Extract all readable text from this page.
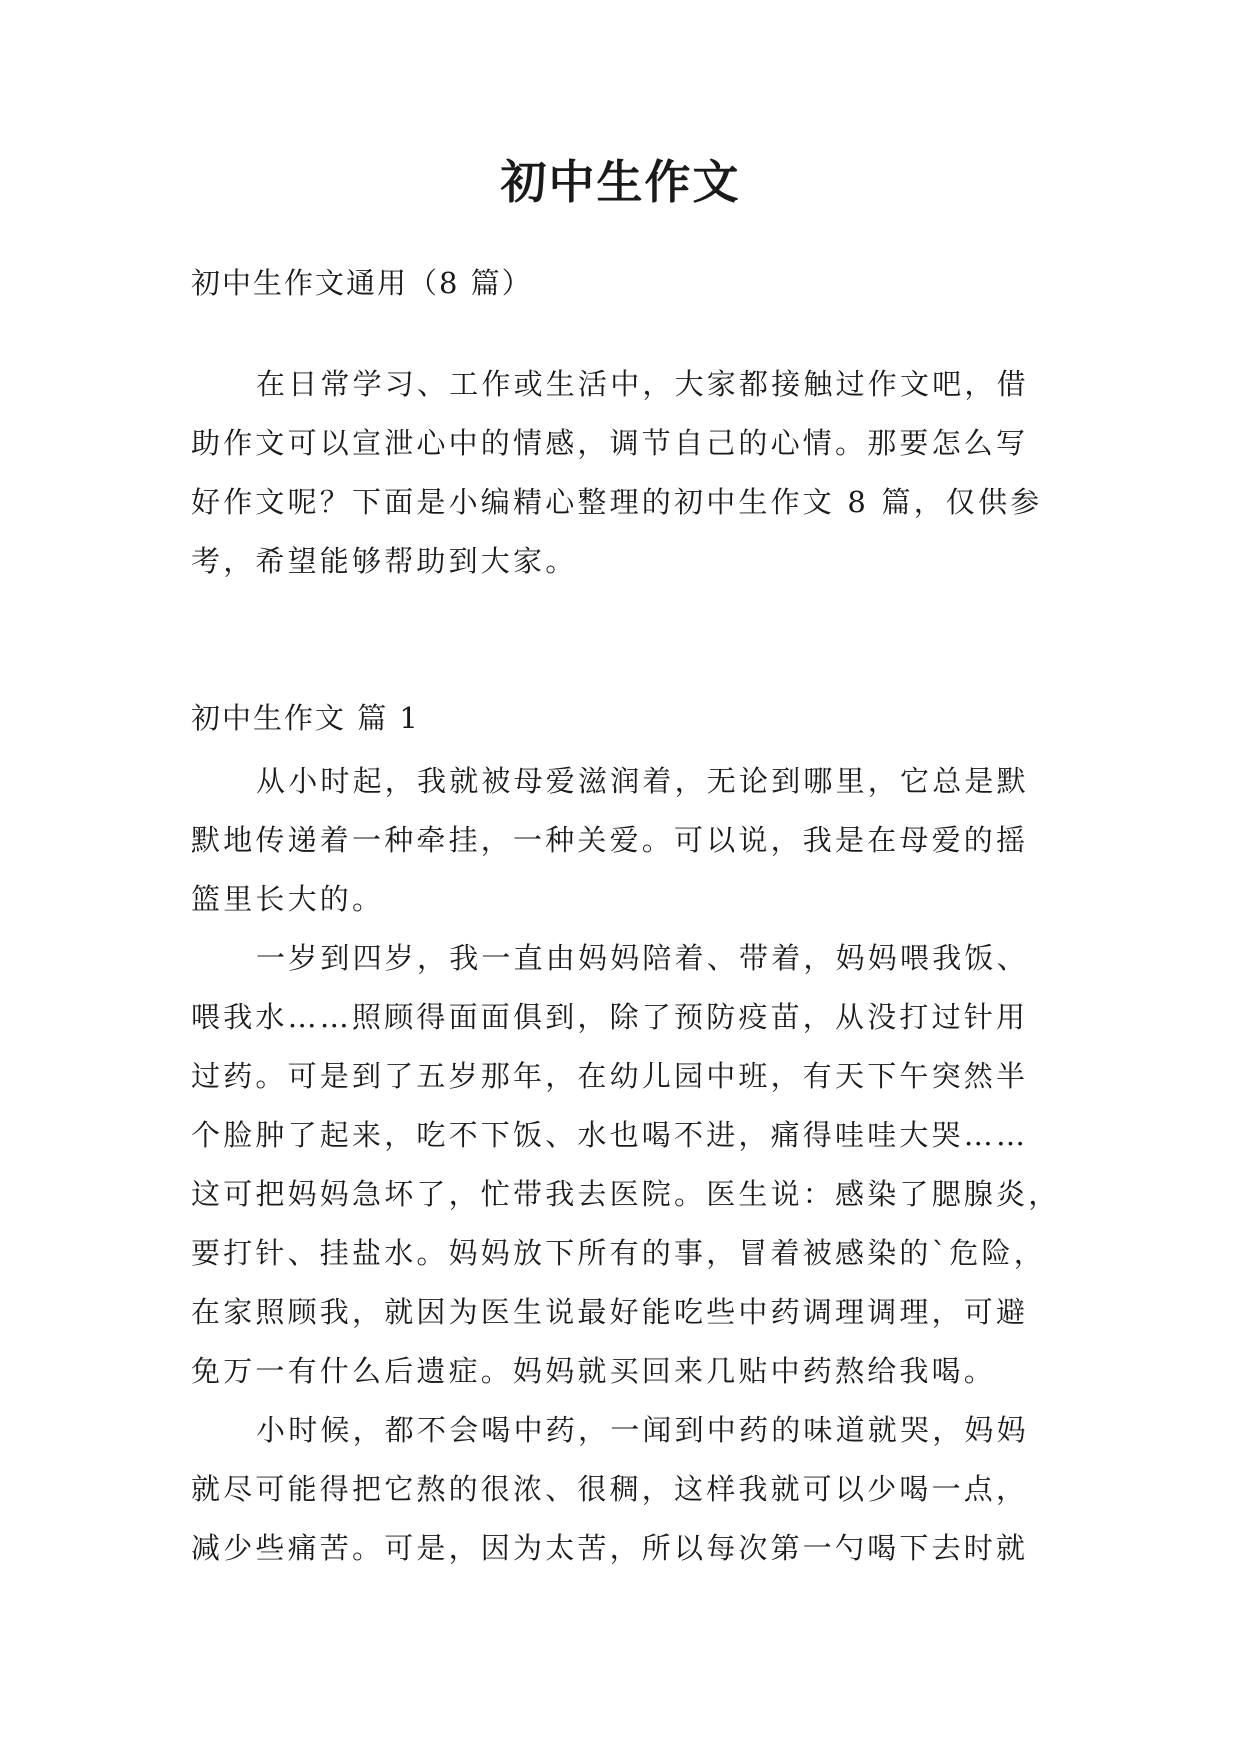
初中生作文

初中生作文通用（8 篇）

在日常学习、工作或生活中，大家都接触过作文吧，借
助作文可以宣泄心中的情感，调节自己的心情。那要怎么写
好作文呢？下面是小编精心整理的初中生作文 8 篇，仅供参
考，希望能够帮助到大家。

初中生作文 篇 1

从小时起，我就被母爱滋润着，无论到哪里，它总是默
默地传递着一种牵挂，一种关爱。可以说，我是在母爱的摇
篮里长大的。
一岁到四岁，我一直由妈妈陪着、带着，妈妈喂我饭、
喂我水……照顾得面面俱到，除了预防疫苗，从没打过针用
过药。可是到了五岁那年，在幼儿园中班，有天下午突然半
个脸肿了起来，吃不下饭、水也喝不进，痛得哇哇大哭……
这可把妈妈急坏了，忙带我去医院。医生说：感染了腮腺炎，
要打针、挂盐水。妈妈放下所有的事，冒着被感染的`危险，
在家照顾我，就因为医生说最好能吃些中药调理调理，可避
免万一有什么后遗症。妈妈就买回来几贴中药熬给我喝。
小时候，都不会喝中药，一闻到中药的味道就哭，妈妈
就尽可能得把它熬的很浓、很稠，这样我就可以少喝一点，
减少些痛苦。可是，因为太苦，所以每次第一勺喝下去时就
